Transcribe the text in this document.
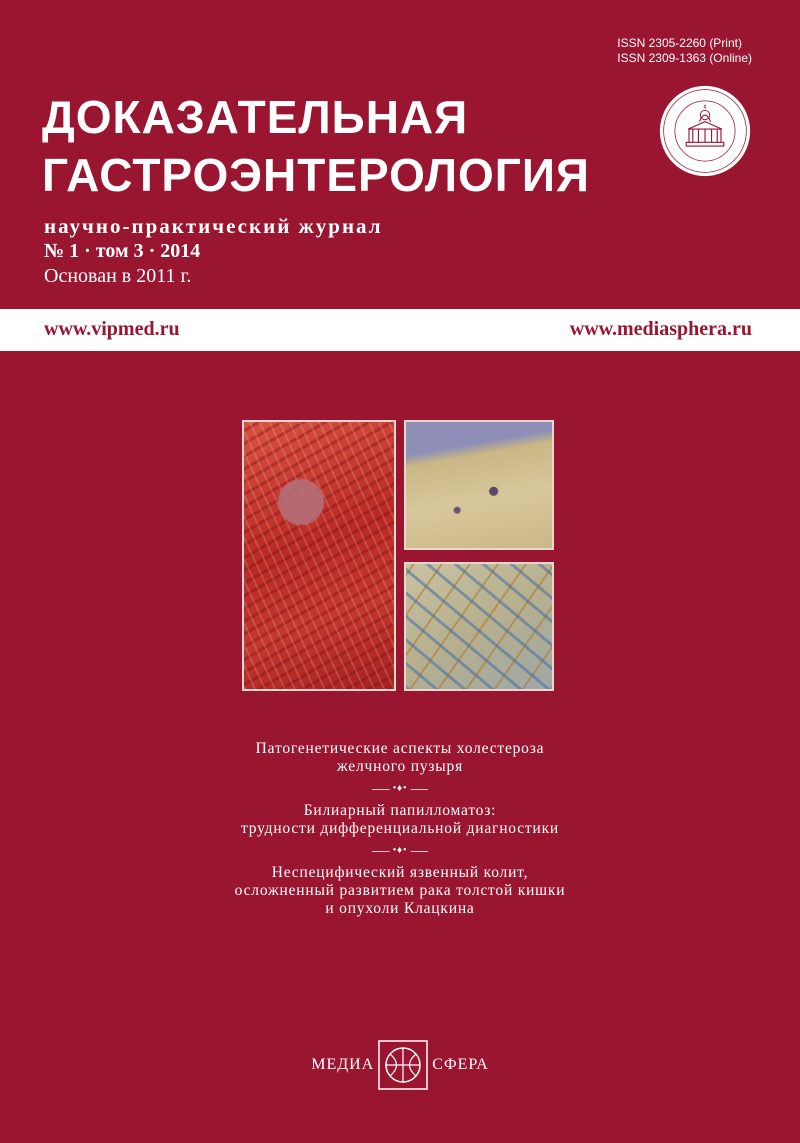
ISSN 2305-2260 (Print)
ISSN 2309-1363 (Online)
ДОКАЗАТЕЛЬНАЯ
ГАСТРОЭНТЕРОЛОГИЯ
научно-практический журнал
№ 1 · том 3 · 2014
Основан в 2011 г.
www.vipmed.ru	www.mediasphera.ru
Патогенетические аспекты холестероза
желчного пузыря
•♦•
Билиарный папилломатоз:
трудности дифференциальной диагностики
•♦•
Неспецифический язвенный колит,
осложненный развитием рака толстой кишки
и опухоли Клацкина
МЕДИА	СФЕРА
